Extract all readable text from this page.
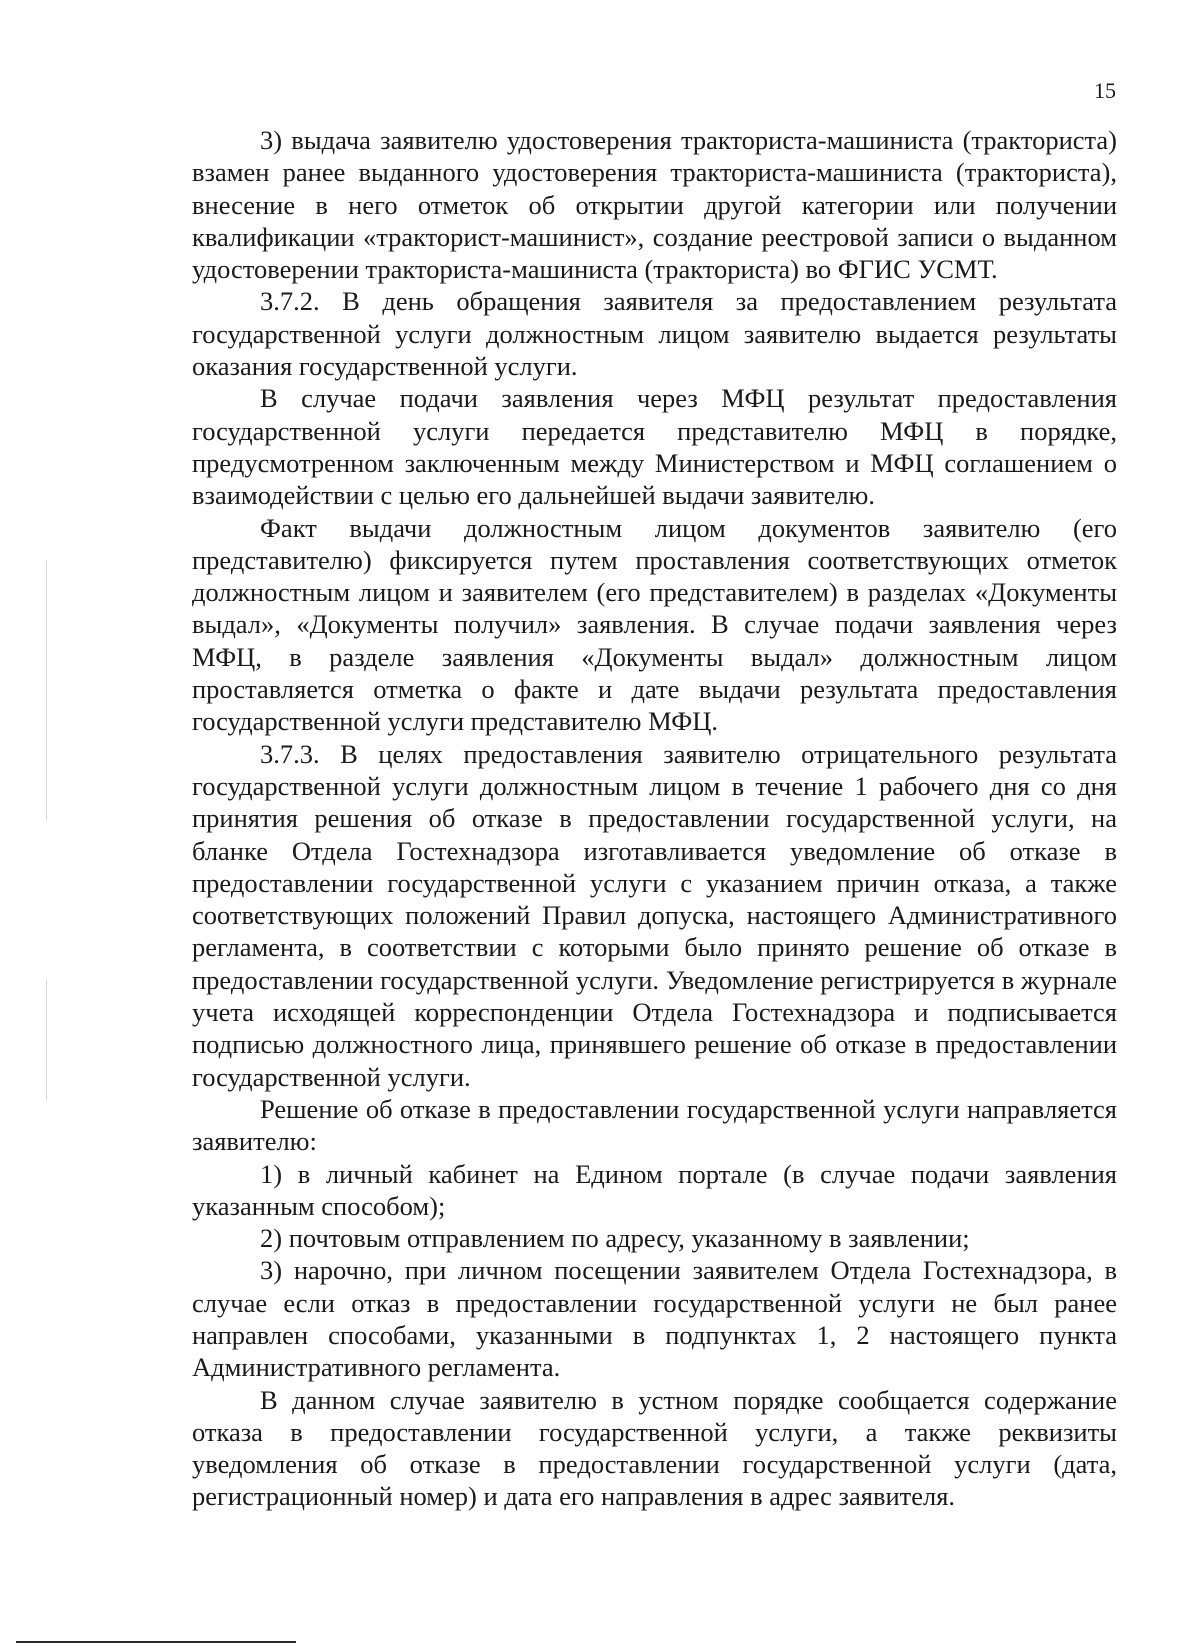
15

3) выдача заявителю удостоверения тракториста-машиниста (тракториста) взамен ранее выданного удостоверения тракториста-машиниста (тракториста), внесение в него отметок об открытии другой категории или получении квалификации «тракторист-машинист», создание реестровой записи о выданном удостоверении тракториста-машиниста (тракториста) во ФГИС УСМТ.

3.7.2. В день обращения заявителя за предоставлением результата государственной услуги должностным лицом заявителю выдается результаты оказания государственной услуги.

В случае подачи заявления через МФЦ результат предоставления государственной услуги передается представителю МФЦ в порядке, предусмотренном заключенным между Министерством и МФЦ соглашением о взаимодействии с целью его дальнейшей выдачи заявителю.

Факт выдачи должностным лицом документов заявителю (его представителю) фиксируется путем проставления соответствующих отметок должностным лицом и заявителем (его представителем) в разделах «Документы выдал», «Документы получил» заявления. В случае подачи заявления через МФЦ, в разделе заявления «Документы выдал» должностным лицом проставляется отметка о факте и дате выдачи результата предоставления государственной услуги представителю МФЦ.

3.7.3. В целях предоставления заявителю отрицательного результата государственной услуги должностным лицом в течение 1 рабочего дня со дня принятия решения об отказе в предоставлении государственной услуги, на бланке Отдела Гостехнадзора изготавливается уведомление об отказе в предоставлении государственной услуги с указанием причин отказа, а также соответствующих положений Правил допуска, настоящего Административного регламента, в соответствии с которыми было принято решение об отказе в предоставлении государственной услуги. Уведомление регистрируется в журнале учета исходящей корреспонденции Отдела Гостехнадзора и подписывается подписью должностного лица, принявшего решение об отказе в предоставлении государственной услуги.

Решение об отказе в предоставлении государственной услуги направляется заявителю:

1) в личный кабинет на Едином портале (в случае подачи заявления указанным способом);

2) почтовым отправлением по адресу, указанному в заявлении;

3) нарочно, при личном посещении заявителем Отдела Гостехнадзора, в случае если отказ в предоставлении государственной услуги не был ранее направлен способами, указанными в подпунктах 1, 2 настоящего пункта Административного регламента.

В данном случае заявителю в устном порядке сообщается содержание отказа в предоставлении государственной услуги, а также реквизиты уведомления об отказе в предоставлении государственной услуги (дата, регистрационный номер) и дата его направления в адрес заявителя.
